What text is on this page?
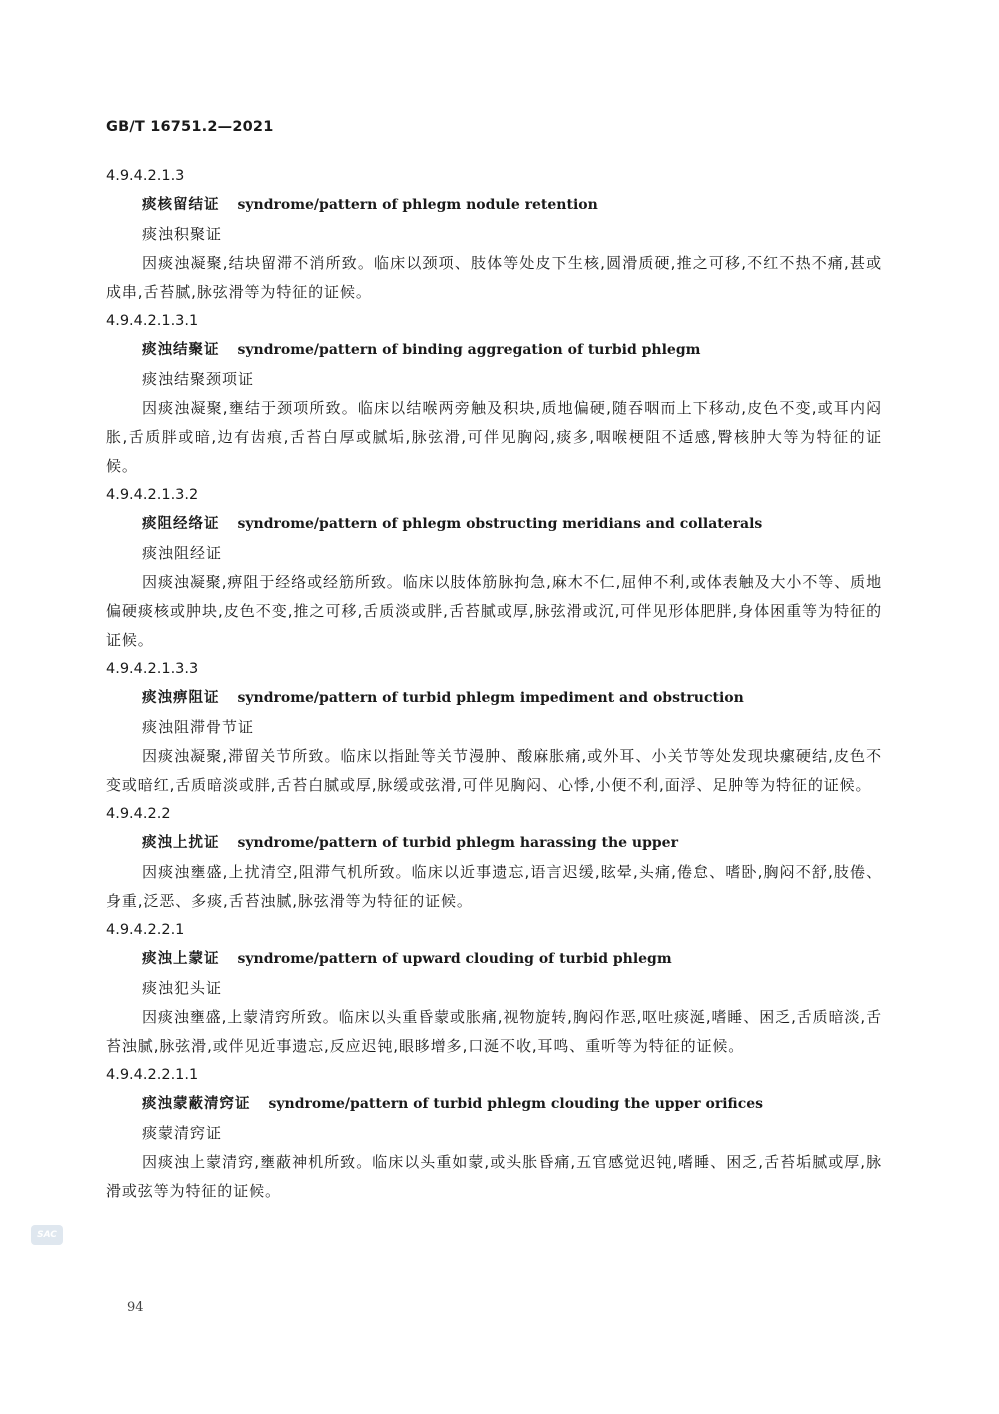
GB/T 16751.2—2021
4.9.4.2.1.3
痰核留结证 syndrome/pattern of phlegm nodule retention
痰浊积聚证
因痰浊凝聚,结块留滞不消所致。临床以颈项、肢体等处皮下生核,圆滑质硬,推之可移,不红不热不痛,甚或成串,舌苔腻,脉弦滑等为特征的证候。
4.9.4.2.1.3.1
痰浊结聚证 syndrome/pattern of binding aggregation of turbid phlegm
痰浊结聚颈项证
因痰浊凝聚,壅结于颈项所致。临床以结喉两旁触及积块,质地偏硬,随吞咽而上下移动,皮色不变,或耳内闷胀,舌质胖或暗,边有齿痕,舌苔白厚或腻垢,脉弦滑,可伴见胸闷,痰多,咽喉梗阻不适感,臀核肿大等为特征的证候。
4.9.4.2.1.3.2
痰阻经络证 syndrome/pattern of phlegm obstructing meridians and collaterals
痰浊阻经证
因痰浊凝聚,痹阻于经络或经筋所致。临床以肢体筋脉拘急,麻木不仁,屈伸不利,或体表触及大小不等、质地偏硬痰核或肿块,皮色不变,推之可移,舌质淡或胖,舌苔腻或厚,脉弦滑或沉,可伴见形体肥胖,身体困重等为特征的证候。
4.9.4.2.1.3.3
痰浊痹阻证 syndrome/pattern of turbid phlegm impediment and obstruction
痰浊阻滞骨节证
因痰浊凝聚,滞留关节所致。临床以指趾等关节漫肿、酸麻胀痛,或外耳、小关节等处发现块瘰硬结,皮色不变或暗红,舌质暗淡或胖,舌苔白腻或厚,脉缓或弦滑,可伴见胸闷、心悸,小便不利,面浮、足肿等为特征的证候。
4.9.4.2.2
痰浊上扰证 syndrome/pattern of turbid phlegm harassing the upper
因痰浊壅盛,上扰清空,阻滞气机所致。临床以近事遗忘,语言迟缓,眩晕,头痛,倦怠、嗜卧,胸闷不舒,肢倦、身重,泛恶、多痰,舌苔浊腻,脉弦滑等为特征的证候。
4.9.4.2.2.1
痰浊上蒙证 syndrome/pattern of upward clouding of turbid phlegm
痰浊犯头证
因痰浊壅盛,上蒙清窍所致。临床以头重昏蒙或胀痛,视物旋转,胸闷作恶,呕吐痰涎,嗜睡、困乏,舌质暗淡,舌苔浊腻,脉弦滑,或伴见近事遗忘,反应迟钝,眼眵增多,口涎不收,耳鸣、重听等为特征的证候。
4.9.4.2.2.1.1
痰浊蒙蔽清窍证 syndrome/pattern of turbid phlegm clouding the upper orifices
痰蒙清窍证
因痰浊上蒙清窍,壅蔽神机所致。临床以头重如蒙,或头胀昏痛,五官感觉迟钝,嗜睡、困乏,舌苔垢腻或厚,脉滑或弦等为特征的证候。
SAC
94
